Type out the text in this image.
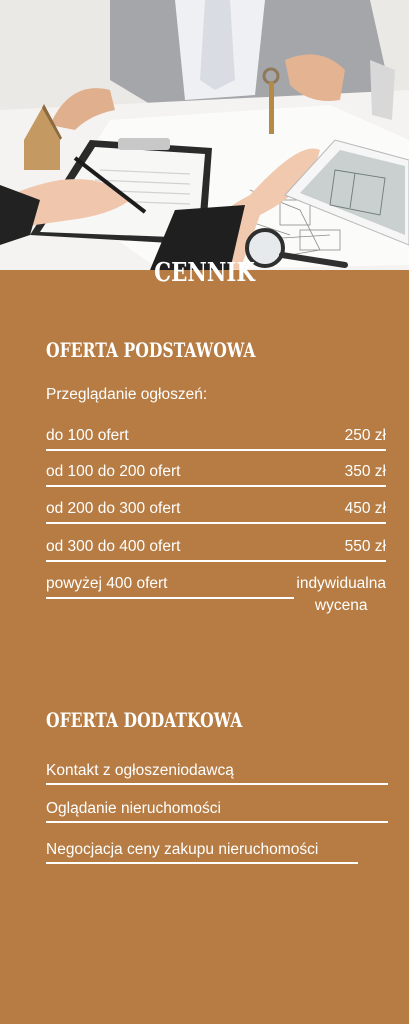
CENNIK
OFERTA PODSTAWOWA
Przeglądanie ogłoszeń:
do 100 ofert	250 zł
od 100 do 200 ofert	350 zł
od 200 do 300 ofert	450 zł
od 300 do 400 ofert	550 zł
powyżej 400 ofert	indywidualna
wycena
OFERTA DODATKOWA
Kontakt z ogłoszeniodawcą
Oglądanie nieruchomości
Negocjacja ceny zakupu nieruchomości
